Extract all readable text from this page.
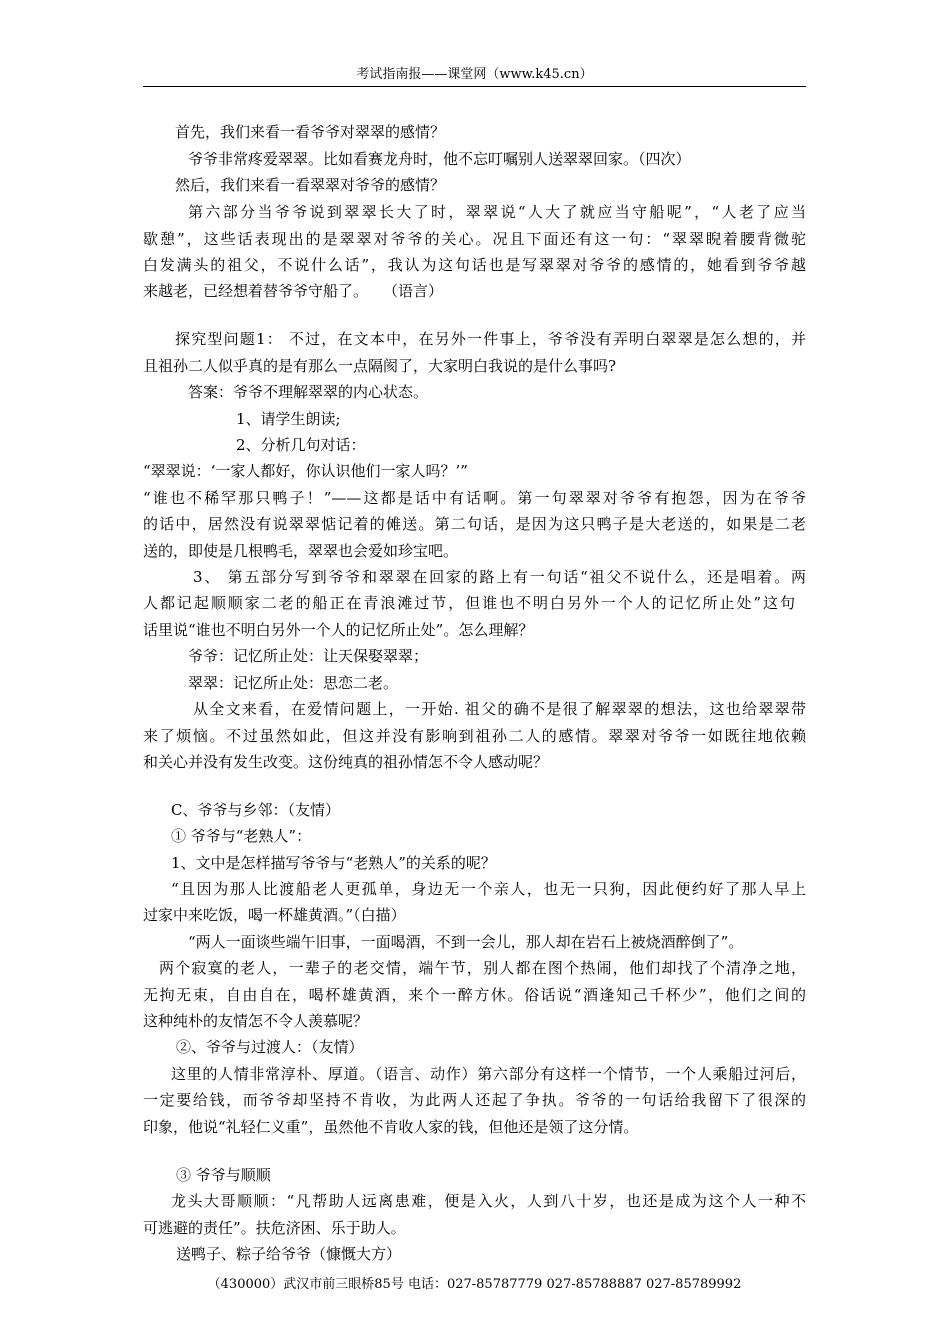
考试指南报——课堂网（www.k45.cn）
首先，我们来看一看爷爷对翠翠的感情？
爷爷非常疼爱翠翠。比如看赛龙舟时，他不忘叮嘱别人送翠翠回家。（四次）
然后，我们来看一看翠翠对爷爷的感情？
第六部分当爷爷说到翠翠长大了时，翠翠说“人大了就应当守船呢”，“人老了应当
歇憩”，这些话表现出的是翠翠对爷爷的关心。况且下面还有这一句：“翠翠睨着腰背微驼
白发满头的祖父，不说什么话”，我认为这句话也是写翠翠对爷爷的感情的，她看到爷爷越
来越老，已经想着替爷爷守船了。　　（语言）
探究型问题1： 不过，在文本中，在另外一件事上，爷爷没有弄明白翠翠是怎么想的，并
且祖孙二人似乎真的是有那么一点隔阂了，大家明白我说的是什么事吗?
答案：爷爷不理解翠翠的内心状态。
1、请学生朗读;
2、分析几句对话：
“翠翠说：‘一家人都好，你认识他们一家人吗？’”
“谁也不稀罕那只鸭子！”——这都是话中有话啊。第一句翠翠对爷爷有抱怨，因为在爷爷
的话中，居然没有说翠翠惦记着的傩送。第二句话，是因为这只鸭子是大老送的，如果是二老
送的，即使是几根鸭毛，翠翠也会爱如珍宝吧。
3、 第五部分写到爷爷和翠翠在回家的路上有一句话“祖父不说什么，还是唱着。两
人都记起顺顺家二老的船正在青浪滩过节，但谁也不明白另外一个人的记忆所止处”这句
话里说“谁也不明白另外一个人的记忆所止处”。怎么理解？
爷爷：记忆所止处：让天保娶翠翠；
翠翠：记忆所止处：思恋二老。
从全文来看，在爱情问题上，一开始. 祖父的确不是很了解翠翠的想法，这也给翠翠带
来了烦恼。不过虽然如此，但这并没有影响到祖孙二人的感情。翠翠对爷爷一如既往地依赖
和关心并没有发生改变。这份纯真的祖孙情怎不令人感动呢？
C、爷爷与乡邻：（友情）
① 爷爷与“老熟人”：
1、文中是怎样描写爷爷与“老熟人”的关系的呢？
“且因为那人比渡船老人更孤单，身边无一个亲人，也无一只狗，因此便约好了那人早上
过家中来吃饭，喝一杯雄黄酒。”（白描）
“两人一面谈些端午旧事，一面喝酒，不到一会儿，那人却在岩石上被烧酒醉倒了”。
两个寂寞的老人，一辈子的老交情，端午节，别人都在图个热闹，他们却找了个清净之地，
无拘无束，自由自在，喝杯雄黄酒，来个一醉方休。俗话说“酒逢知己千杯少”，他们之间的
这种纯朴的友情怎不令人羡慕呢？
②、爷爷与过渡人：（友情）
这里的人情非常淳朴、厚道。（语言、动作）第六部分有这样一个情节，一个人乘船过河后，
一定要给钱，而爷爷却坚持不肯收，为此两人还起了争执。爷爷的一句话给我留下了很深的
印象，他说“礼轻仁义重”，虽然他不肯收人家的钱，但他还是领了这分情。
③ 爷爷与顺顺
龙头大哥顺顺：“凡帮助人远离患难，便是入火，人到八十岁，也还是成为这个人一种不
可逃避的责任”。扶危济困、乐于助人。
送鸭子、粽子给爷爷（慷慨大方）
（430000）武汉市前三眼桥85号 电话：027-85787779 027-85788887 027-85789992
